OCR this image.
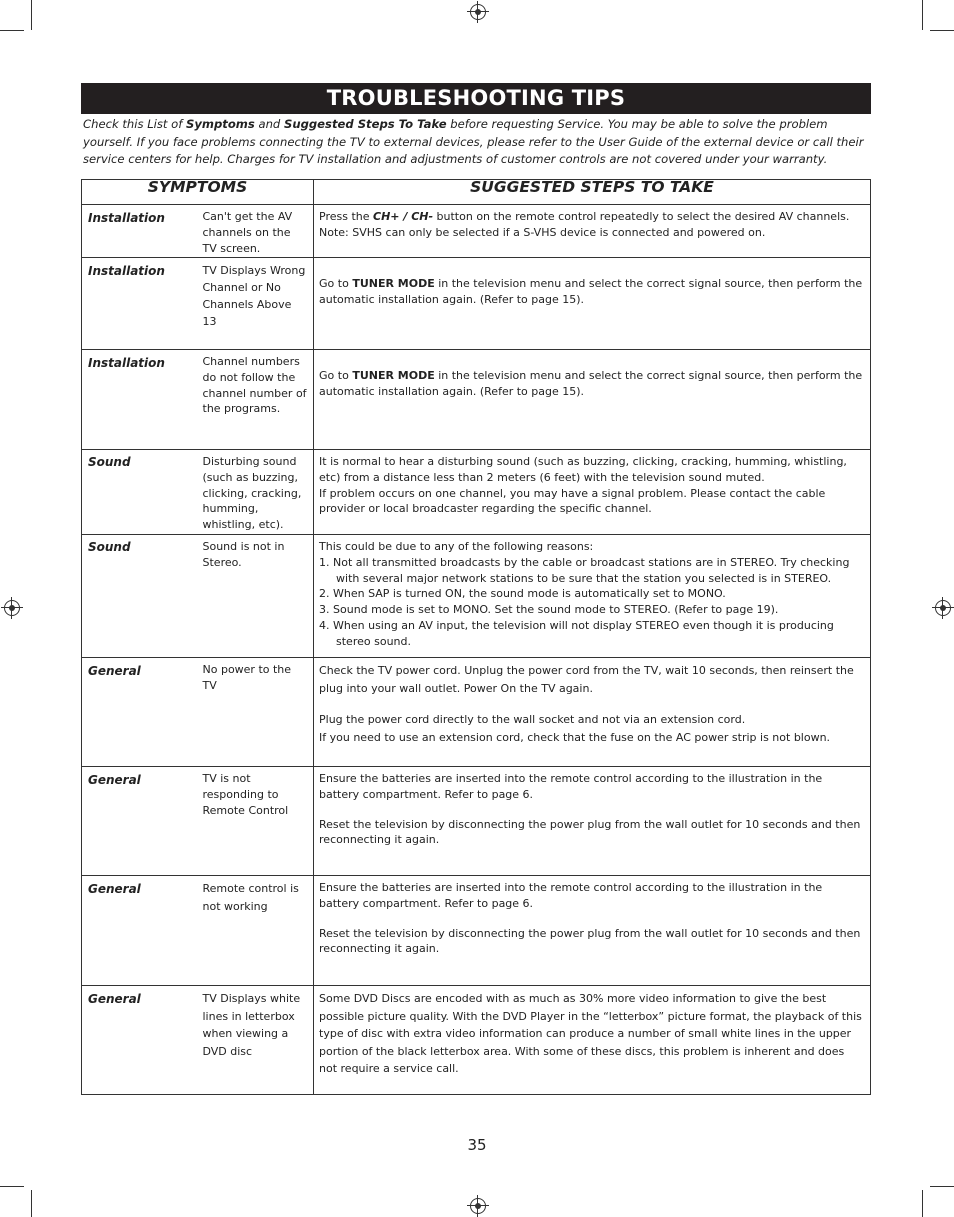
TROUBLESHOOTING TIPS
Check this List of Symptoms and Suggested Steps To Take before requesting Service. You may be able to solve the problem yourself. If you face problems connecting the TV to external devices, please refer to the User Guide of the external device or call their service centers for help. Charges for TV installation and adjustments of customer controls are not covered under your warranty.
SYMPTOMS		SUGGESTED STEPS TO TAKE
Installation	Can't get the AV channels on the TV screen.	Press the CH+ / CH- button on the remote control repeatedly to select the desired AV channels.

Note: SVHS can only be selected if a S-VHS device is connected and powered on.

Installation	TV Displays Wrong Channel or No Channels Above 13	Go to TUNER MODE in the television menu and select the correct signal source, then perform the automatic installation again. (Refer to page 15).

Installation	Channel numbers do not follow the channel number of the programs.	Go to TUNER MODE in the television menu and select the correct signal source, then perform the automatic installation again. (Refer to page 15).

Sound	Disturbing sound (such as buzzing, clicking, cracking, humming, whistling, etc).	It is normal to hear a disturbing sound (such as buzzing, clicking, cracking, humming, whistling, etc) from a distance less than 2 meters (6 feet) with the television sound muted.

If problem occurs on one channel, you may have a signal problem. Please contact the cable provider or local broadcaster regarding the specific channel.

Sound	Sound is not in Stereo.	This could be due to any of the following reasons:

1. Not all transmitted broadcasts by the cable or broadcast stations are in STEREO. Try checking with several major network stations to be sure that the station you selected is in STEREO.

2. When SAP is turned ON, the sound mode is automatically set to MONO.

3. Sound mode is set to MONO. Set the sound mode to STEREO. (Refer to page 19).

4. When using an AV input, the television will not display STEREO even though it is producing stereo sound.

General	No power to the TV	Check the TV power cord. Unplug the power cord from the TV, wait 10 seconds, then reinsert the plug into your wall outlet. Power On the TV again.

Plug the power cord directly to the wall socket and not via an extension cord.

If you need to use an extension cord, check that the fuse on the AC power strip is not blown.

General	TV is not responding to Remote Control	Ensure the batteries are inserted into the remote control according to the illustration in the battery compartment. Refer to page 6.

Reset the television by disconnecting the power plug from the wall outlet for 10 seconds and then reconnecting it again.

General	Remote control is not working	Ensure the batteries are inserted into the remote control according to the illustration in the battery compartment. Refer to page 6.

Reset the television by disconnecting the power plug from the wall outlet for 10 seconds and then reconnecting it again.

General	TV Displays white lines in letterbox when viewing a DVD disc	Some DVD Discs are encoded with as much as 30% more video information to give the best possible picture quality. With the DVD Player in the “letterbox” picture format, the playback of this type of disc with extra video information can produce a number of small white lines in the upper portion of the black letterbox area. With some of these discs, this problem is inherent and does not require a service call.

35
